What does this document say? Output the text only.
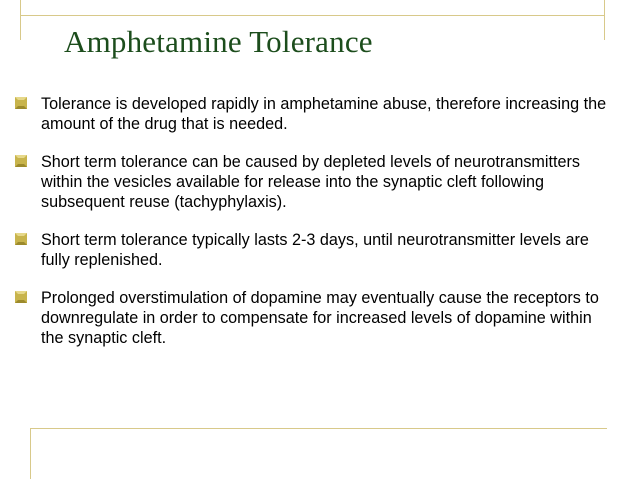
Amphetamine Tolerance
Tolerance is developed rapidly in amphetamine abuse, therefore increasing the amount of the drug that is needed.
Short term tolerance can be caused by depleted levels of neurotransmitters within the vesicles available for release into the synaptic cleft following subsequent reuse (tachyphylaxis).
Short term tolerance typically lasts 2-3 days, until neurotransmitter levels are fully replenished.
Prolonged overstimulation of dopamine may eventually cause the receptors to downregulate in order to compensate for increased levels of dopamine within the synaptic cleft.
